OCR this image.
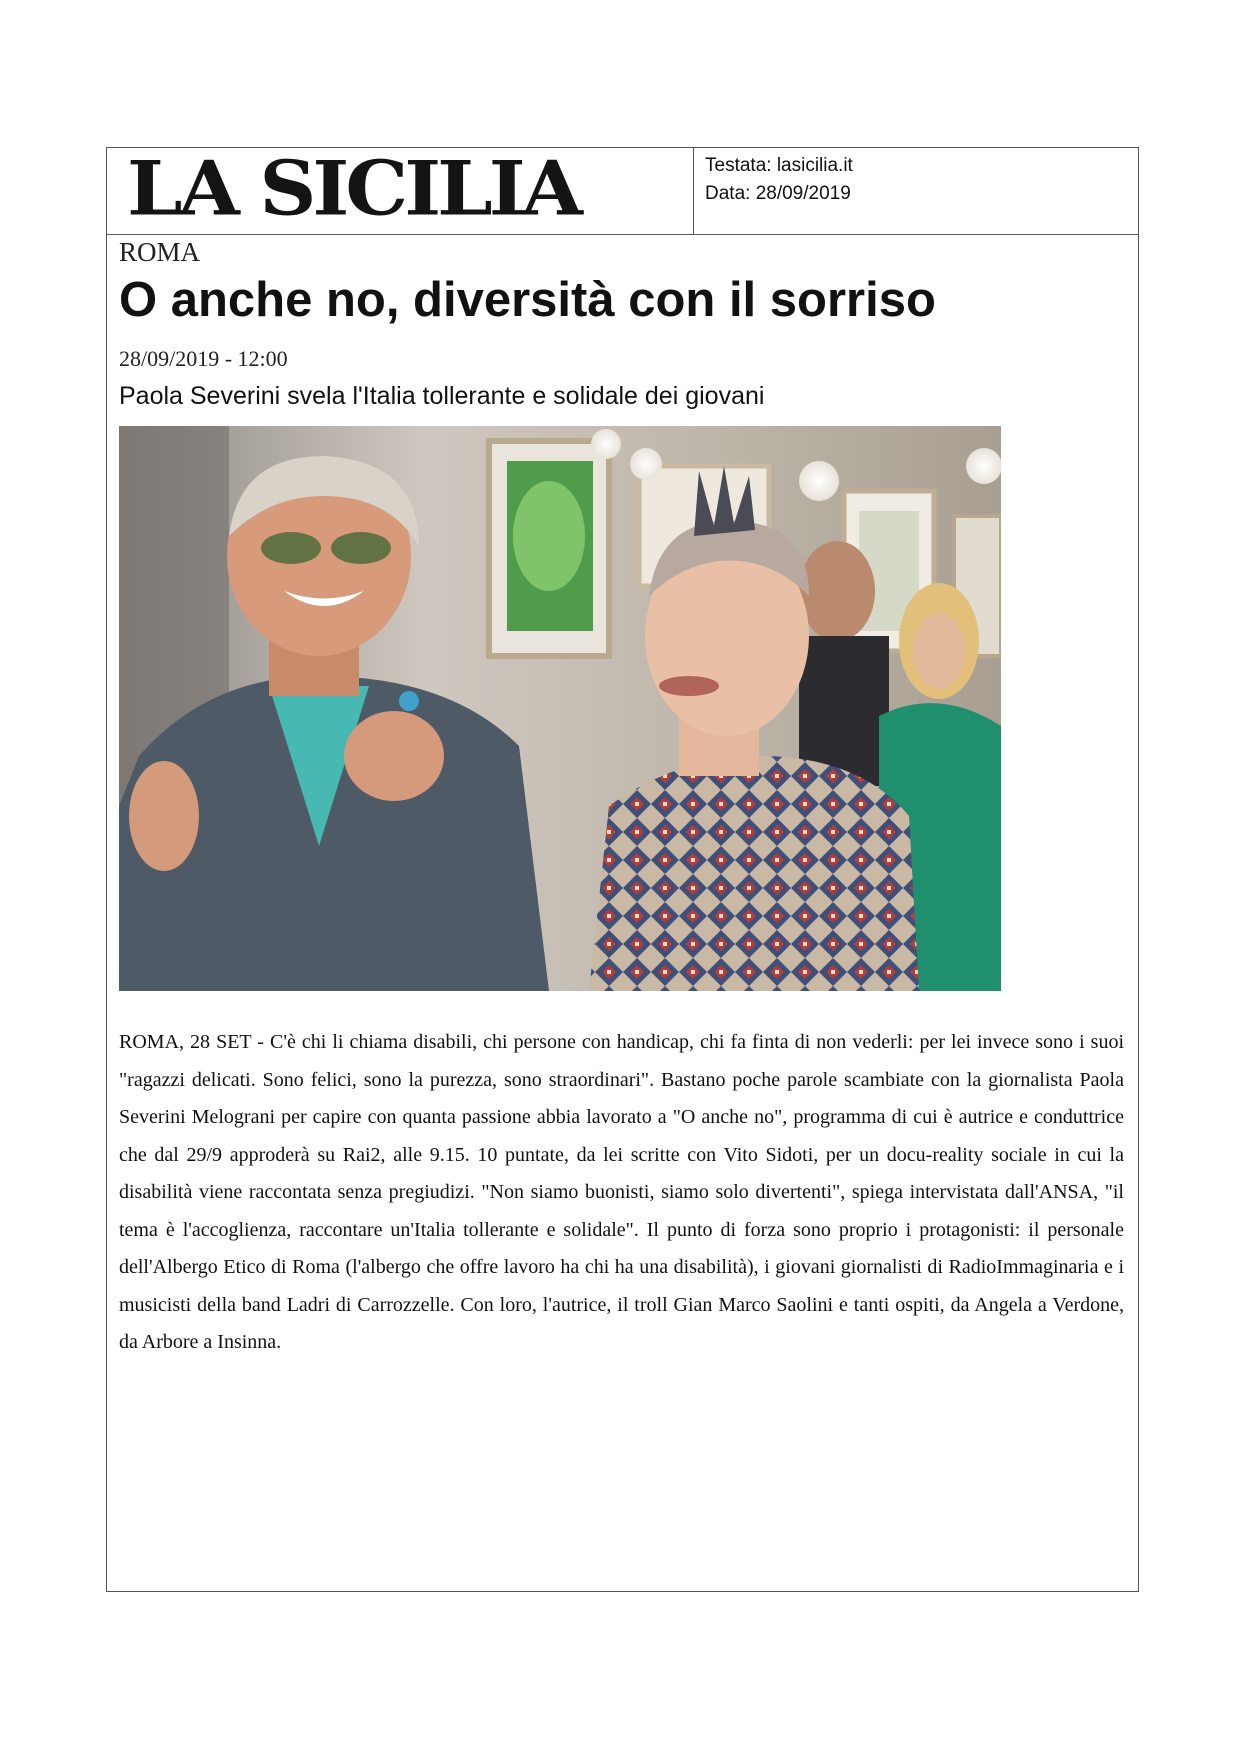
LA SICILIA	Testata: lasicilia.it
Data: 28/09/2019
ROMA
O anche no, diversità con il sorriso
28/09/2019 - 12:00
Paola Severini svela l'Italia tollerante e solidale dei giovani
ROMA, 28 SET - C'è chi li chiama disabili, chi persone con handicap, chi fa finta di non vederli: per lei invece sono i suoi "ragazzi delicati. Sono felici, sono la purezza, sono straordinari". Bastano poche parole scambiate con la giornalista Paola Severini Melograni per capire con quanta passione abbia lavorato a "O anche no", programma di cui è autrice e conduttrice che dal 29/9 approderà su Rai2, alle 9.15. 10 puntate, da lei scritte con Vito Sidoti, per un docu-reality sociale in cui la disabilità viene raccontata senza pregiudizi. "Non siamo buonisti, siamo solo divertenti", spiega intervistata dall'ANSA, "il tema è l'accoglienza, raccontare un'Italia tollerante e solidale". Il punto di forza sono proprio i protagonisti: il personale dell'Albergo Etico di Roma (l'albergo che offre lavoro ha chi ha una disabilità), i giovani giornalisti di RadioImmaginaria e i musicisti della band Ladri di Carrozzelle. Con loro, l'autrice, il troll Gian Marco Saolini e tanti ospiti, da Angela a Verdone, da Arbore a Insinna.
